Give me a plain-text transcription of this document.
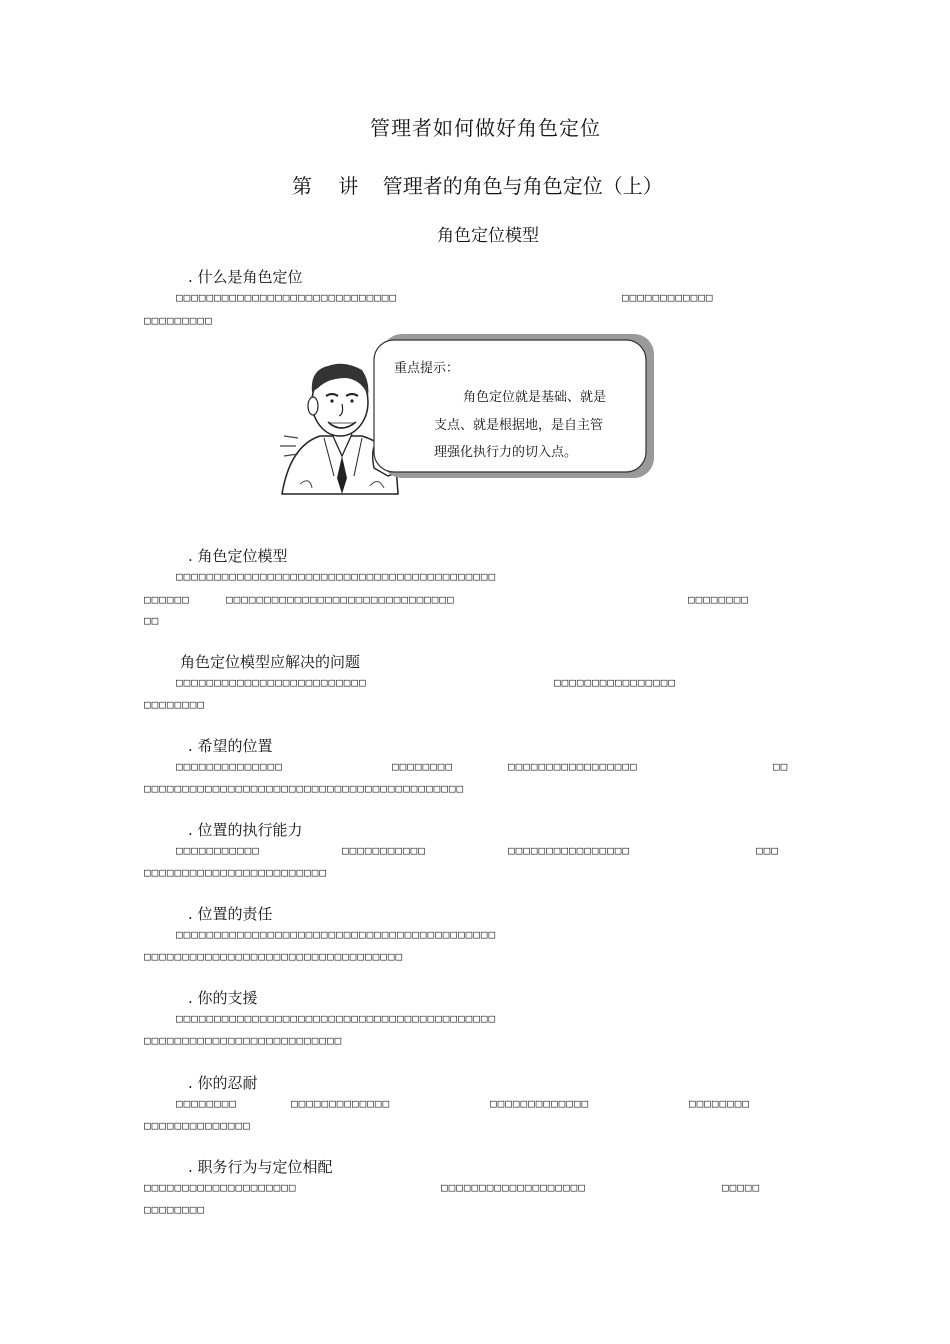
管理者如何做好角色定位
第 讲 管理者的角色与角色定位（上）
角色定位模型
. 什么是角色定位
□□□□□□□□□□□□□□□□□□□□□□□□□□□□□	□□□□□□□□□□□□
□□□□□□□□□
重点提示：
角色定位就是基础、就是
支点、就是根据地，是自主管
理强化执行力的切入点。
. 角色定位模型
□□□□□□□□□□□□□□□□□□□□□□□□□□□□□□□□□□□□□□□□□□
□□□□□□	□□□□□□□□□□□□□□□□□□□□□□□□□□□□□□	□□□□□□□□
□□
角色定位模型应解决的问题
□□□□□□□□□□□□□□□□□□□□□□□□□	□□□□□□□□□□□□□□□□
□□□□□□□□
. 希望的位置
□□□□□□□□□□□□□□	□□□□□□□□	□□□□□□□□□□□□□□□□□	□□
□□□□□□□□□□□□□□□□□□□□□□□□□□□□□□□□□□□□□□□□□□
. 位置的执行能力
□□□□□□□□□□□	□□□□□□□□□□□	□□□□□□□□□□□□□□□□	□□□
□□□□□□□□□□□□□□□□□□□□□□□□
. 位置的责任
□□□□□□□□□□□□□□□□□□□□□□□□□□□□□□□□□□□□□□□□□□
□□□□□□□□□□□□□□□□□□□□□□□□□□□□□□□□□□
. 你的支援
□□□□□□□□□□□□□□□□□□□□□□□□□□□□□□□□□□□□□□□□□□
□□□□□□□□□□□□□□□□□□□□□□□□□□
. 你的忍耐
□□□□□□□□	□□□□□□□□□□□□□	□□□□□□□□□□□□□	□□□□□□□□
□□□□□□□□□□□□□□
. 职务行为与定位相配
□□□□□□□□□□□□□□□□□□□□	□□□□□□□□□□□□□□□□□□□	□□□□□
□□□□□□□□
